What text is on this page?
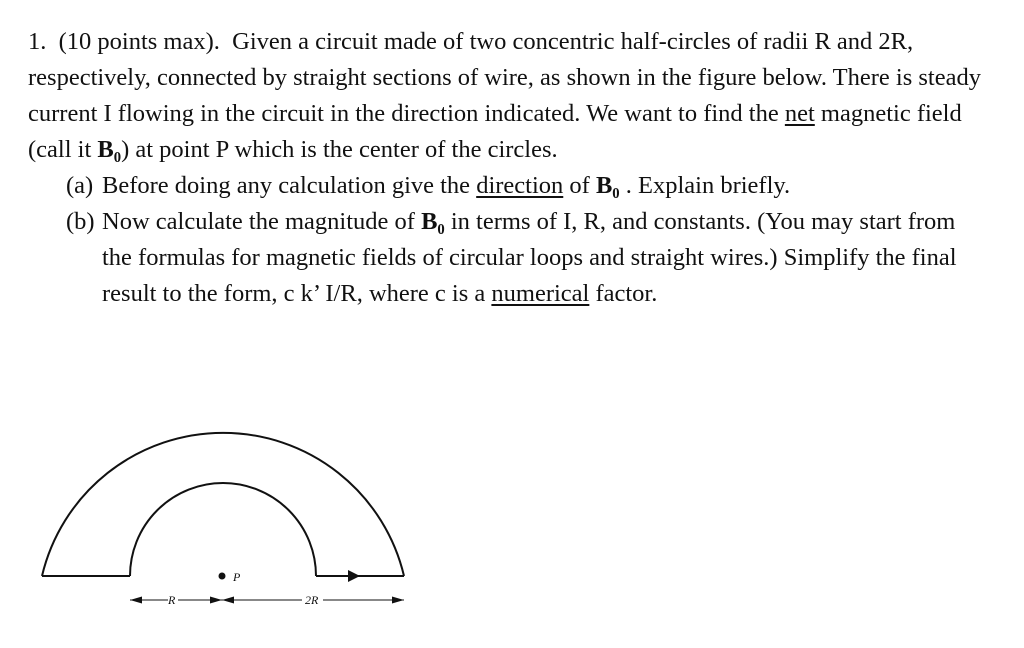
1. (10 points max). Given a circuit made of two concentric half-circles of radii R and 2R, respectively, connected by straight sections of wire, as shown in the figure below. There is steady current I flowing in the circuit in the direction indicated. We want to find the net magnetic field (call it B₀) at point P which is the center of the circles.

(a) Before doing any calculation give the direction of B₀ . Explain briefly.

(b) Now calculate the magnitude of B₀ in terms of I, R, and constants. (You may start from the formulas for magnetic fields of circular loops and straight wires.) Simplify the final result to the form, c k’ I/R, where c is a numerical factor.

P
R	2R
